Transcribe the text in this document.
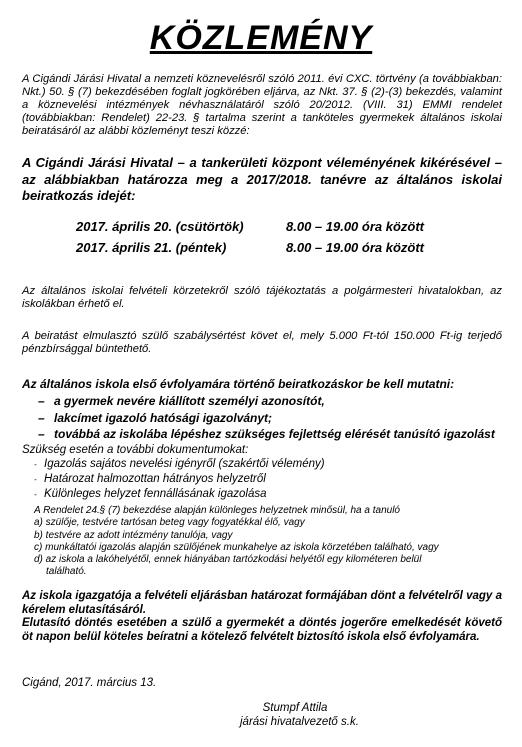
KÖZLEMÉNY
A Cigándi Járási Hivatal a nemzeti köznevelésről szóló 2011. évi CXC. törtvény (a továbbiakban: Nkt.) 50. § (7) bekezdésében foglalt jogkörében eljárva, az Nkt. 37. § (2)-(3) bekezdés, valamint a köznevelési intézmények névhasználatáról szóló 20/2012. (VIII. 31) EMMI rendelet (továbbiakban: Rendelet) 22-23. § tartalma szerint a tanköteles gyermekek általános iskolai beiratásáról az alábbi közleményt teszi közzé:
A Cigándi Járási Hivatal – a tankerületi központ véleményének kikérésével – az alábbiakban határozza meg a 2017/2018. tanévre az általános iskolai beiratkozás idejét:
2017. április 20. (csütörtök)	8.00 – 19.00 óra között
2017. április 21. (péntek)	8.00 – 19.00 óra között
Az általános iskolai felvételi körzetekről szóló tájékoztatás a polgármesteri hivatalokban, az iskolákban érhető el.
A beiratást elmulasztó szülő szabálysértést követ el, mely 5.000 Ft-tól 150.000 Ft-ig terjedő pénzbírsággal büntethető.
Az általános iskola első évfolyamára történő beiratkozáskor be kell mutatni:
– a gyermek nevére kiállított személyi azonosítót,
– lakcímet igazoló hatósági igazolványt;
– továbbá az iskolába lépéshez szükséges fejlettség elérését tanúsító igazolást
Szükség esetén a további dokumentumokat:
- Igazolás sajátos nevelési igényről (szakértői vélemény)
- Határozat halmozottan hátrányos helyzetről
- Különleges helyzet fennállásának igazolása

A Rendelet 24.§ (7) bekezdése alapján különleges helyzetnek minősül, ha a tanuló

a) szülője, testvére tartósan beteg vagy fogyatékkal élő, vagy

b) testvére az adott intézmény tanulója, vagy

c) munkáltatói igazolás alapján szülőjének munkahelye az iskola körzetében található, vagy

d) az iskola a lakóhelyétől, ennek hiányában tartózkodási helyétől egy kilométeren belül

található.

Az iskola igazgatója a felvételi eljárásban határozat formájában dönt a felvételről vagy a kérelem elutasításáról.

Elutasító döntés esetében a szülő a gyermekét a döntés jogerőre emelkedését követő öt napon belül köteles beíratni a kötelező felvételt biztosító iskola első évfolyamára.

Cigánd, 2017. március 13.
Stumpf Attila
járási hivatalvezető s.k.
